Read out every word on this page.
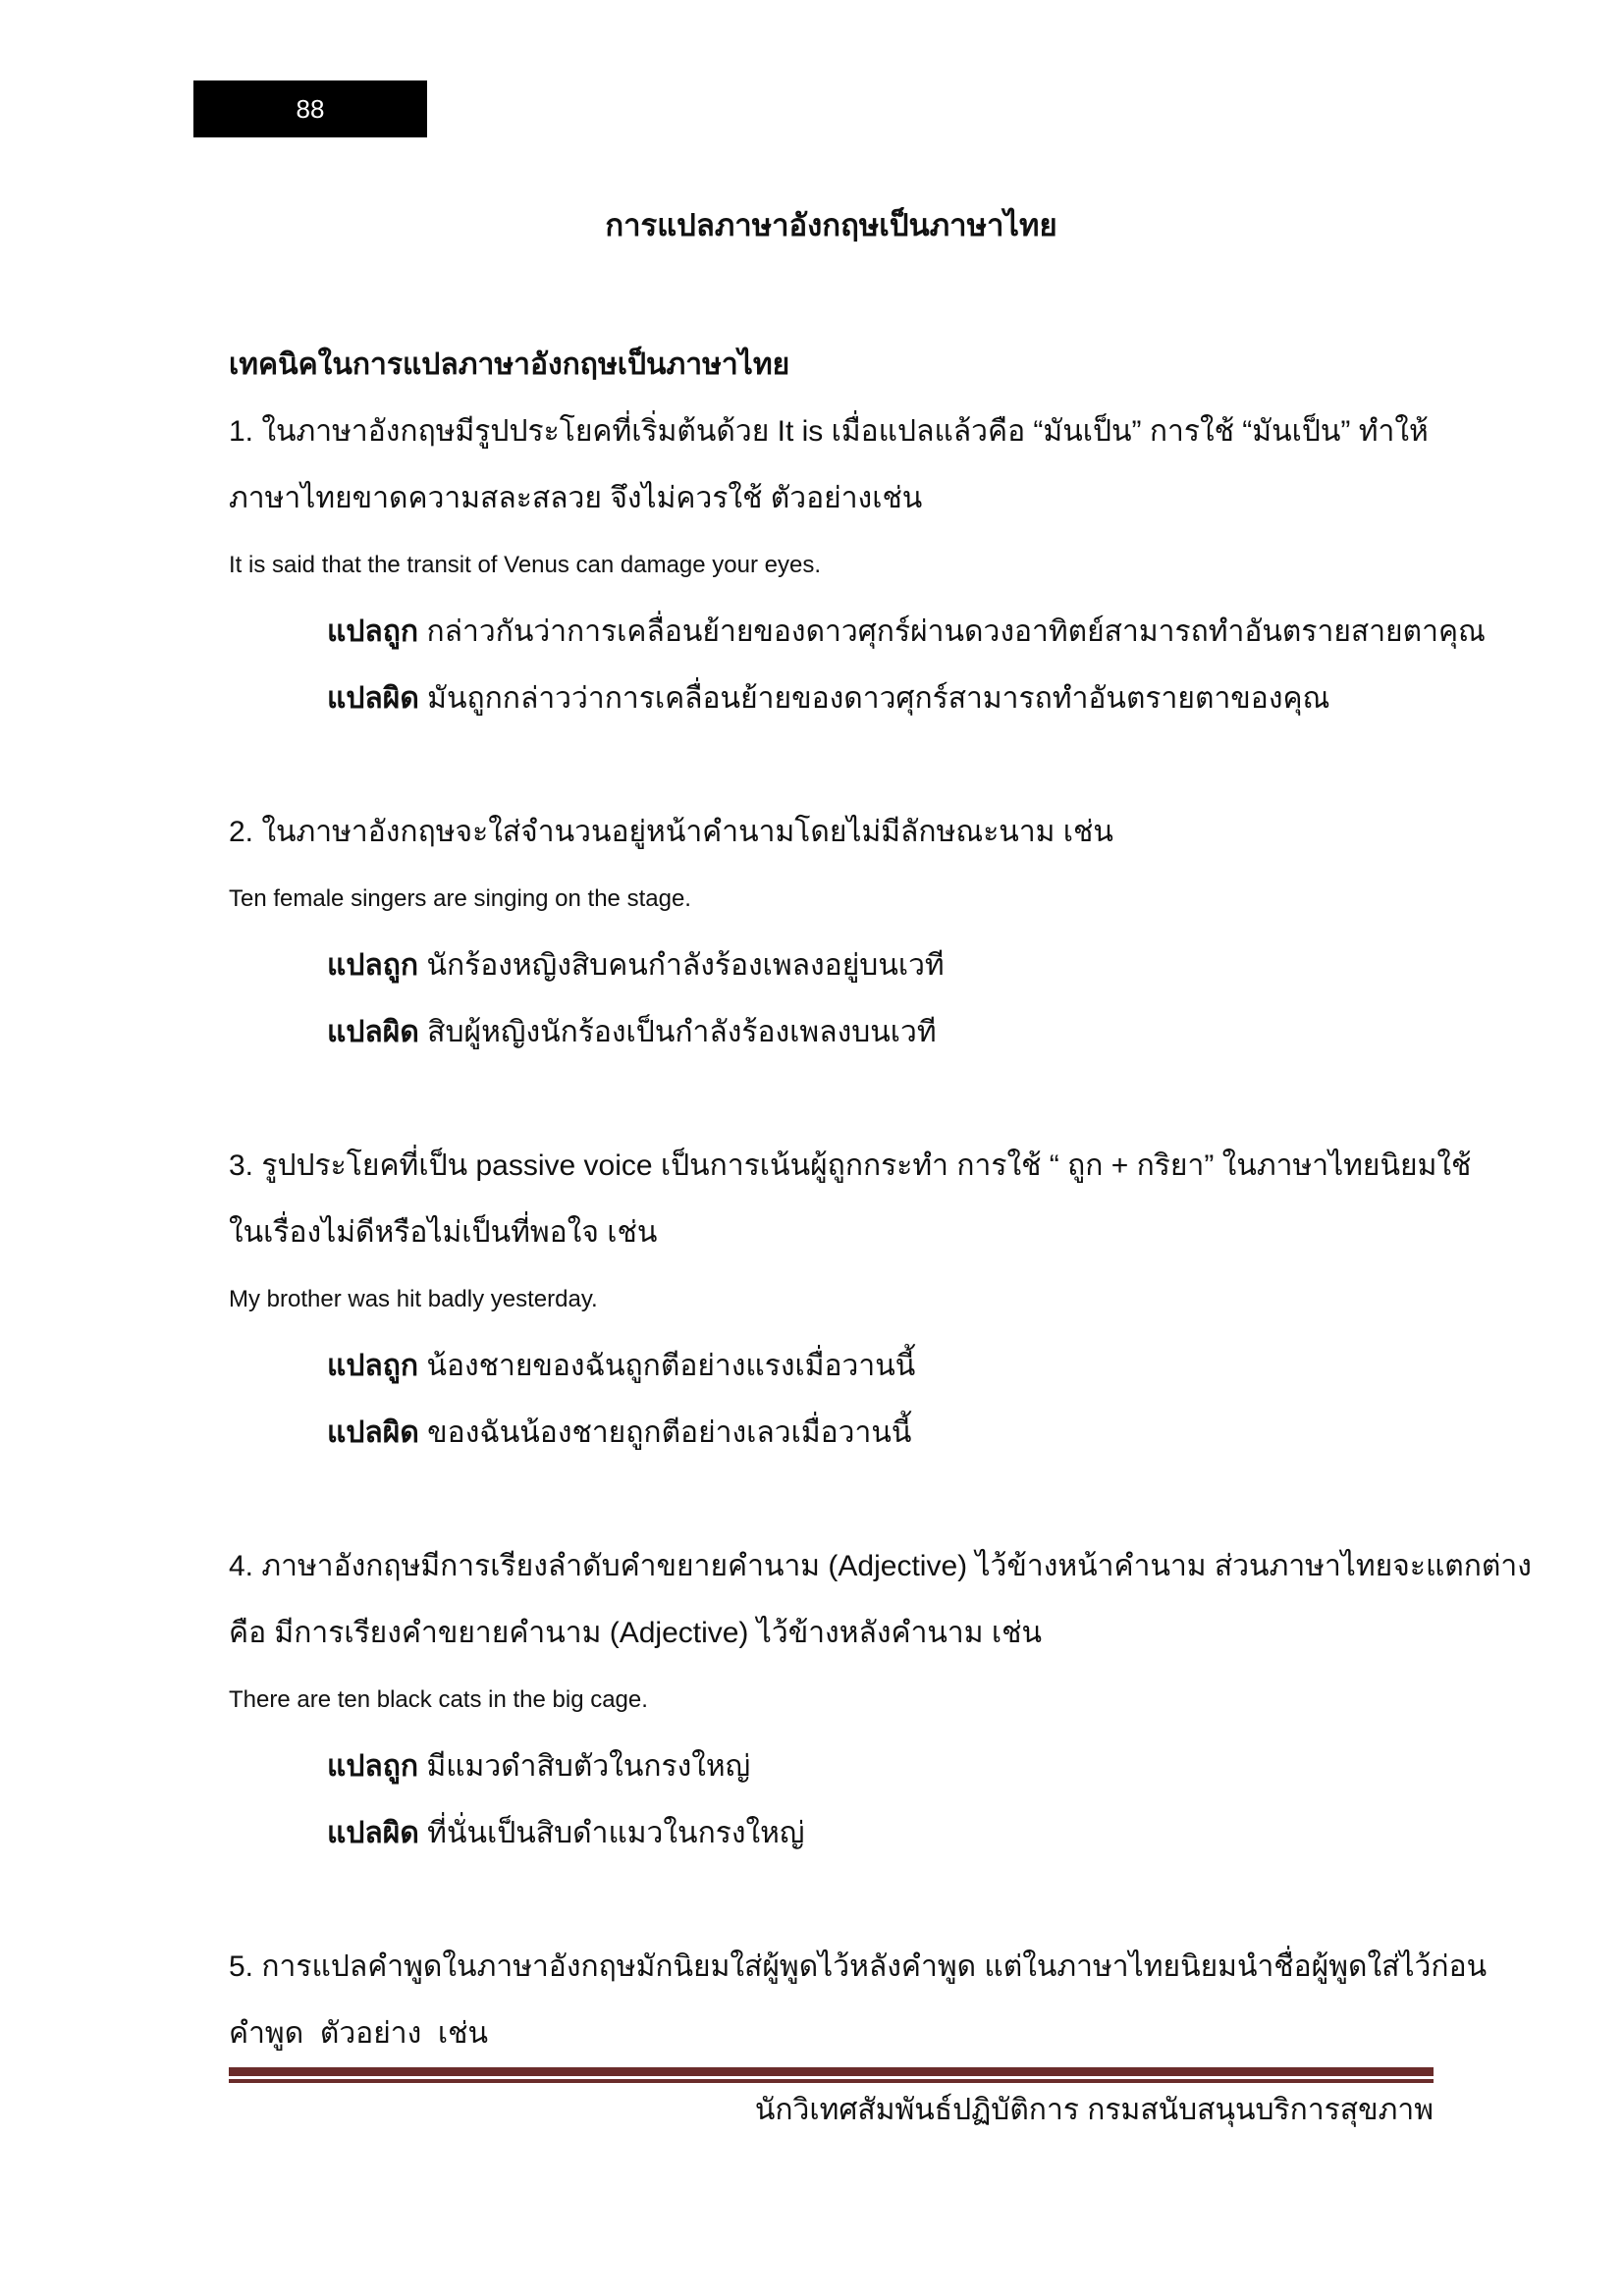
88
การแปลภาษาอังกฤษเป็นภาษาไทย
เทคนิคในการแปลภาษาอังกฤษเป็นภาษาไทย
1. ในภาษาอังกฤษมีรูปประโยคที่เริ่มต้นด้วย It is เมื่อแปลแล้วคือ “มันเป็น” การใช้ “มันเป็น” ทำให้
ภาษาไทยขาดความสละสลวย จึงไม่ควรใช้ ตัวอย่างเช่น
It is said that the transit of Venus can damage your eyes.
แปลถูก กล่าวกันว่าการเคลื่อนย้ายของดาวศุกร์ผ่านดวงอาทิตย์สามารถทำอันตรายสายตาคุณ
แปลผิด มันถูกกล่าวว่าการเคลื่อนย้ายของดาวศุกร์สามารถทำอันตรายตาของคุณ
2. ในภาษาอังกฤษจะใส่จำนวนอยู่หน้าคำนามโดยไม่มีลักษณะนาม เช่น
Ten female singers are singing on the stage.
แปลถูก นักร้องหญิงสิบคนกำลังร้องเพลงอยู่บนเวที
แปลผิด สิบผู้หญิงนักร้องเป็นกำลังร้องเพลงบนเวที
3. รูปประโยคที่เป็น passive voice เป็นการเน้นผู้ถูกกระทำ การใช้ “ ถูก + กริยา” ในภาษาไทยนิยมใช้
ในเรื่องไม่ดีหรือไม่เป็นที่พอใจ เช่น
My brother was hit badly yesterday.
แปลถูก น้องชายของฉันถูกตีอย่างแรงเมื่อวานนี้
แปลผิด ของฉันน้องชายถูกตีอย่างเลวเมื่อวานนี้
4. ภาษาอังกฤษมีการเรียงลำดับคำขยายคำนาม (Adjective) ไว้ข้างหน้าคำนาม ส่วนภาษาไทยจะแตกต่าง
คือ มีการเรียงคำขยายคำนาม (Adjective) ไว้ข้างหลังคำนาม เช่น
There are ten black cats in the big cage.
แปลถูก มีแมวดำสิบตัวในกรงใหญ่
แปลผิด ที่นั่นเป็นสิบดำแมวในกรงใหญ่
5. การแปลคำพูดในภาษาอังกฤษมักนิยมใส่ผู้พูดไว้หลังคำพูด แต่ในภาษาไทยนิยมนำชื่อผู้พูดใส่ไว้ก่อน
คำพูด  ตัวอย่าง  เช่น
นักวิเทศสัมพันธ์ปฏิบัติการ กรมสนับสนุนบริการสุขภาพ
